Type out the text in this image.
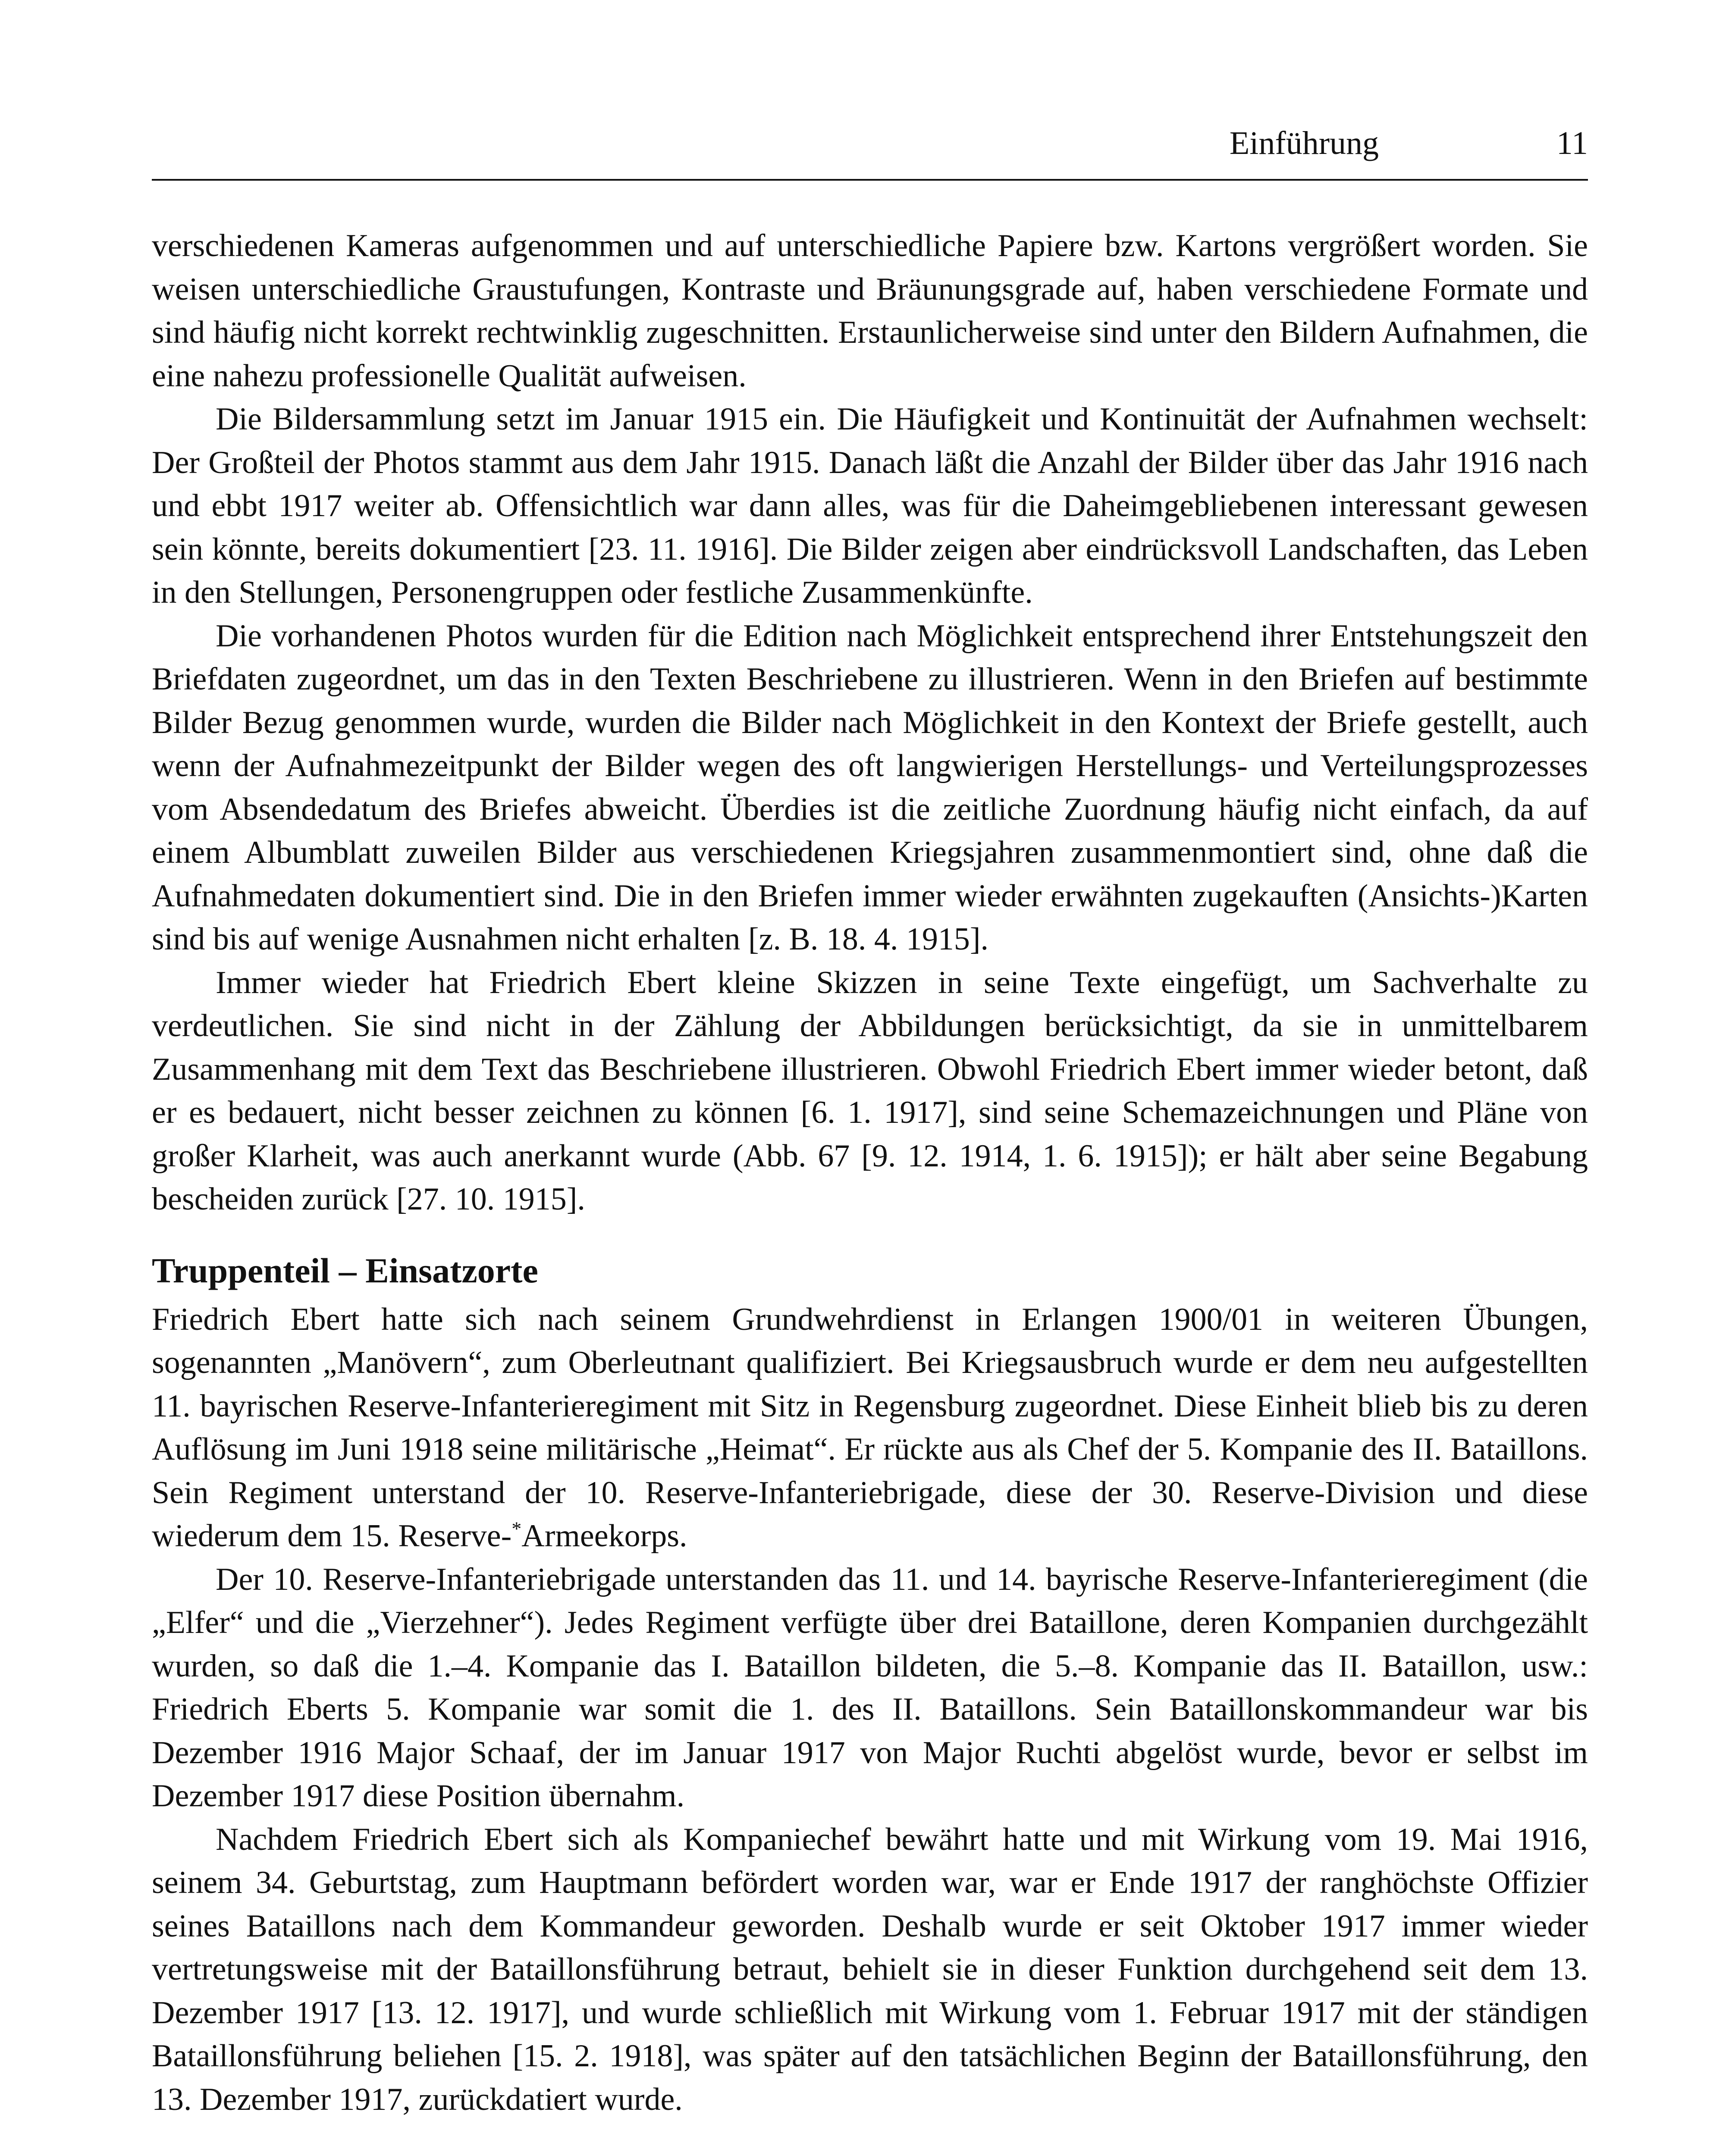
Einführung	11

verschiedenen Kameras aufgenommen und auf unterschiedliche Papiere bzw. Kartons vergrößert worden. Sie weisen unterschiedliche Graustufungen, Kontraste und Bräunungsgrade auf, haben verschiedene Formate und sind häufig nicht korrekt rechtwinklig zugeschnitten. Erstaunlicherweise sind unter den Bildern Aufnahmen, die eine nahezu professionelle Qualität aufweisen.

Die Bildersammlung setzt im Januar 1915 ein. Die Häufigkeit und Kontinuität der Aufnahmen wechselt: Der Großteil der Photos stammt aus dem Jahr 1915. Danach läßt die Anzahl der Bilder über das Jahr 1916 nach und ebbt 1917 weiter ab. Offensichtlich war dann alles, was für die Daheimgebliebenen interessant gewesen sein könnte, bereits dokumentiert [23. 11. 1916]. Die Bilder zeigen aber eindrücksvoll Landschaften, das Leben in den Stellungen, Personengruppen oder festliche Zusammenkünfte.

Die vorhandenen Photos wurden für die Edition nach Möglichkeit entsprechend ihrer Entstehungszeit den Briefdaten zugeordnet, um das in den Texten Beschriebene zu illustrieren. Wenn in den Briefen auf bestimmte Bilder Bezug genommen wurde, wurden die Bilder nach Möglichkeit in den Kontext der Briefe gestellt, auch wenn der Aufnahmezeitpunkt der Bilder wegen des oft langwierigen Herstellungs- und Verteilungsprozesses vom Absendedatum des Briefes abweicht. Überdies ist die zeitliche Zuordnung häufig nicht einfach, da auf einem Albumblatt zuweilen Bilder aus verschiedenen Kriegsjahren zusammenmontiert sind, ohne daß die Aufnahmedaten dokumentiert sind. Die in den Briefen immer wieder erwähnten zugekauften (Ansichts-)Karten sind bis auf wenige Ausnahmen nicht erhalten [z. B. 18. 4. 1915].

Immer wieder hat Friedrich Ebert kleine Skizzen in seine Texte eingefügt, um Sachverhalte zu verdeutlichen. Sie sind nicht in der Zählung der Abbildungen berücksichtigt, da sie in unmittelbarem Zusammenhang mit dem Text das Beschriebene illustrieren. Obwohl Friedrich Ebert immer wieder betont, daß er es bedauert, nicht besser zeichnen zu können [6. 1. 1917], sind seine Schemazeichnungen und Pläne von großer Klarheit, was auch anerkannt wurde (Abb. 67 [9. 12. 1914, 1. 6. 1915]); er hält aber seine Begabung bescheiden zurück [27. 10. 1915].

Truppenteil – Einsatzorte

Friedrich Ebert hatte sich nach seinem Grundwehrdienst in Erlangen 1900/01 in weiteren Übungen, sogenannten „Manövern“, zum Oberleutnant qualifiziert. Bei Kriegsausbruch wurde er dem neu aufgestellten 11. bayrischen Reserve-Infanterieregiment mit Sitz in Regensburg zugeordnet. Diese Einheit blieb bis zu deren Auflösung im Juni 1918 seine militärische „Heimat“. Er rückte aus als Chef der 5. Kompanie des II. Bataillons. Sein Regiment unterstand der 10. Reserve-Infanteriebrigade, diese der 30. Reserve-Division und diese wiederum dem 15. Reserve-*Armeekorps.

Der 10. Reserve-Infanteriebrigade unterstanden das 11. und 14. bayrische Reserve-Infanterieregiment (die „Elfer“ und die „Vierzehner“). Jedes Regiment verfügte über drei Bataillone, deren Kompanien durchgezählt wurden, so daß die 1.–4. Kompanie das I. Bataillon bildeten, die 5.–8. Kompanie das II. Bataillon, usw.: Friedrich Eberts 5. Kompanie war somit die 1. des II. Bataillons. Sein Bataillonskommandeur war bis Dezember 1916 Major Schaaf, der im Januar 1917 von Major Ruchti abgelöst wurde, bevor er selbst im Dezember 1917 diese Position übernahm.

Nachdem Friedrich Ebert sich als Kompaniechef bewährt hatte und mit Wirkung vom 19. Mai 1916, seinem 34. Geburtstag, zum Hauptmann befördert worden war, war er Ende 1917 der ranghöchste Offizier seines Bataillons nach dem Kommandeur geworden. Deshalb wurde er seit Oktober 1917 immer wieder vertretungsweise mit der Bataillonsführung betraut, behielt sie in dieser Funktion durchgehend seit dem 13. Dezember 1917 [13. 12. 1917], und wurde schließlich mit Wirkung vom 1. Februar 1917 mit der ständigen Bataillonsführung beliehen [15. 2. 1918], was später auf den tatsächlichen Beginn der Bataillonsführung, den 13. Dezember 1917, zurückdatiert wurde.
